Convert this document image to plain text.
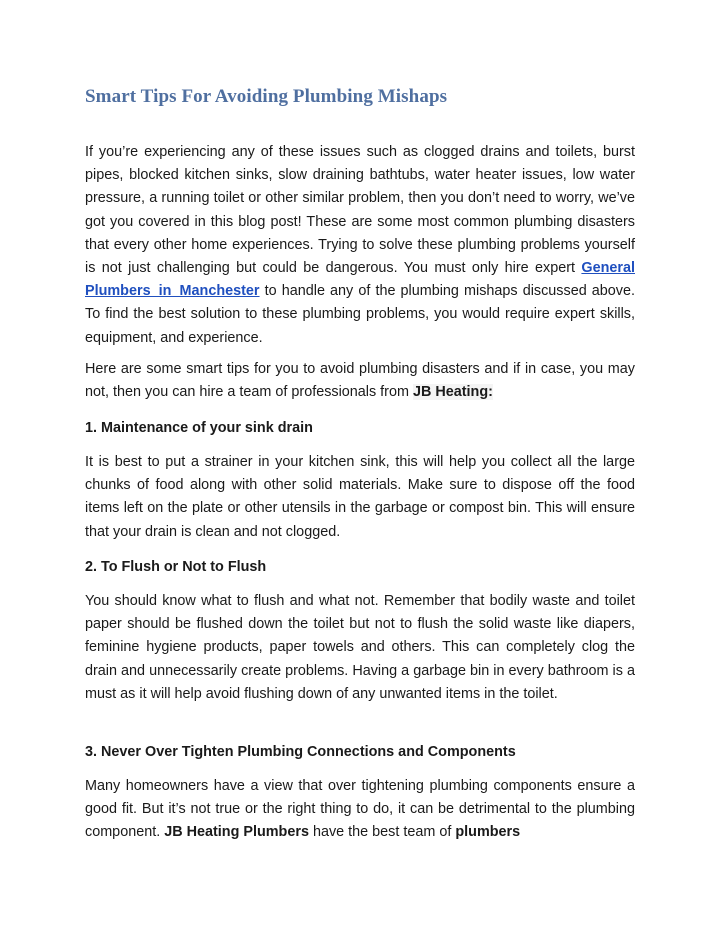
Smart Tips For Avoiding Plumbing Mishaps

If you’re experiencing any of these issues such as clogged drains and toilets, burst pipes, blocked kitchen sinks, slow draining bathtubs, water heater issues, low water pressure, a running toilet or other similar problem, then you don’t need to worry, we’ve got you covered in this blog post! These are some most common plumbing disasters that every other home experiences. Trying to solve these plumbing problems yourself is not just challenging but could be dangerous. You must only hire expert General Plumbers in Manchester to handle any of the plumbing mishaps discussed above. To find the best solution to these plumbing problems, you would require expert skills, equipment, and experience.

Here are some smart tips for you to avoid plumbing disasters and if in case, you may not, then you can hire a team of professionals from JB Heating:

1. Maintenance of your sink drain

It is best to put a strainer in your kitchen sink, this will help you collect all the large chunks of food along with other solid materials. Make sure to dispose off the food items left on the plate or other utensils in the garbage or compost bin. This will ensure that your drain is clean and not clogged.

2. To Flush or Not to Flush

You should know what to flush and what not. Remember that bodily waste and toilet paper should be flushed down the toilet but not to flush the solid waste like diapers, feminine hygiene products, paper towels and others. This can completely clog the drain and unnecessarily create problems. Having a garbage bin in every bathroom is a must as it will help avoid flushing down of any unwanted items in the toilet.

3. Never Over Tighten Plumbing Connections and Components

Many homeowners have a view that over tightening plumbing components ensure a good fit. But it’s not true or the right thing to do, it can be detrimental to the plumbing component. JB Heating Plumbers have the best team of plumbers
